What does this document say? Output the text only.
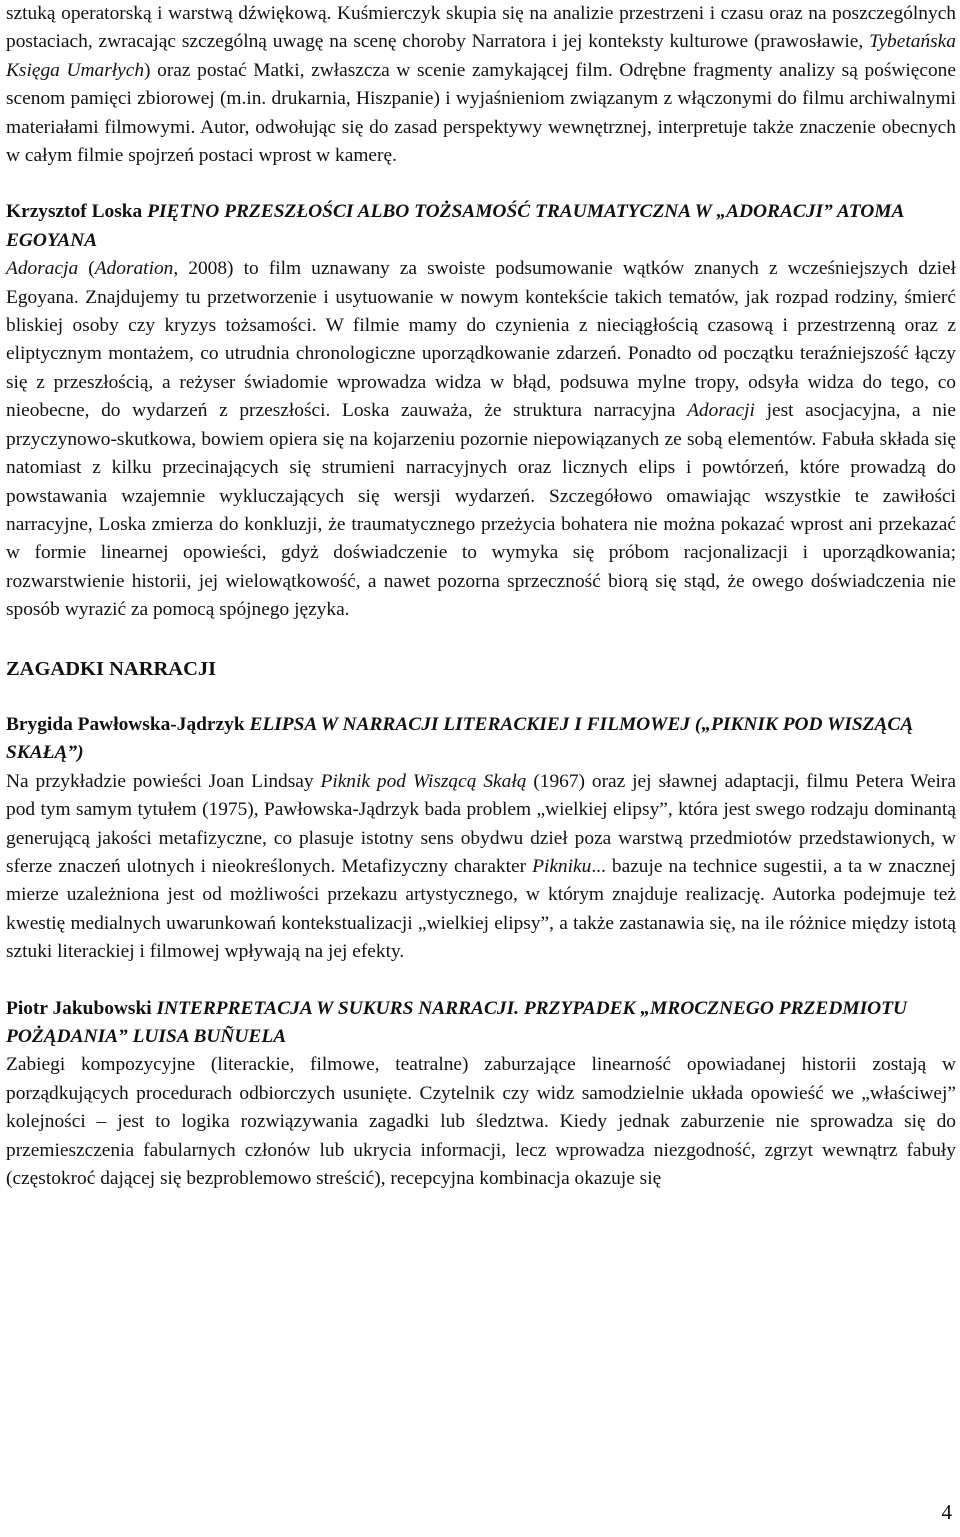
sztuką operatorską i warstwą dźwiękową. Kuśmierczyk skupia się na analizie przestrzeni i czasu oraz na poszczególnych postaciach, zwracając szczególną uwagę na scenę choroby Narratora i jej konteksty kulturowe (prawosławie, Tybetańska Księga Umarłych) oraz postać Matki, zwłaszcza w scenie zamykającej film. Odrębne fragmenty analizy są poświęcone scenom pamięci zbiorowej (m.in. drukarnia, Hiszpanie) i wyjaśnieniom związanym z włączonymi do filmu archiwalnymi materiałami filmowymi. Autor, odwołując się do zasad perspektywy wewnętrznej, interpretuje także znaczenie obecnych w całym filmie spojrzeń postaci wprost w kamerę.

Krzysztof Loska PIĘTNO PRZESZŁOŚCI ALBO TOŻSAMOŚĆ TRAUMATYCZNA W „ADORACJI” ATOMA EGOYANA

Adoracja (Adoration, 2008) to film uznawany za swoiste podsumowanie wątków znanych z wcześniejszych dzieł Egoyana. Znajdujemy tu przetworzenie i usytuowanie w nowym kontekście takich tematów, jak rozpad rodziny, śmierć bliskiej osoby czy kryzys tożsamości. W filmie mamy do czynienia z nieciągłością czasową i przestrzenną oraz z eliptycznym montażem, co utrudnia chronologiczne uporządkowanie zdarzeń. Ponadto od początku teraźniejszość łączy się z przeszłością, a reżyser świadomie wprowadza widza w błąd, podsuwa mylne tropy, odsyła widza do tego, co nieobecne, do wydarzeń z przeszłości. Loska zauważa, że struktura narracyjna Adoracji jest asocjacyjna, a nie przyczynowo-skutkowa, bowiem opiera się na kojarzeniu pozornie niepowiązanych ze sobą elementów. Fabuła składa się natomiast z kilku przecinających się strumieni narracyjnych oraz licznych elips i powtórzeń, które prowadzą do powstawania wzajemnie wykluczających się wersji wydarzeń. Szczegółowo omawiając wszystkie te zawiłości narracyjne, Loska zmierza do konkluzji, że traumatycznego przeżycia bohatera nie można pokazać wprost ani przekazać w formie linearnej opowieści, gdyż doświadczenie to wymyka się próbom racjonalizacji i uporządkowania; rozwarstwienie historii, jej wielowątkowość, a nawet pozorna sprzeczność biorą się stąd, że owego doświadczenia nie sposób wyrazić za pomocą spójnego języka.

ZAGADKI NARRACJI

Brygida Pawłowska-Jądrzyk ELIPSA W NARRACJI LITERACKIEJ I FILMOWEJ („PIKNIK POD WISZĄCĄ SKAŁĄ”)

Na przykładzie powieści Joan Lindsay Piknik pod Wiszącą Skałą (1967) oraz jej sławnej adaptacji, filmu Petera Weira pod tym samym tytułem (1975), Pawłowska-Jądrzyk bada problem „wielkiej elipsy”, która jest swego rodzaju dominantą generującą jakości metafizyczne, co plasuje istotny sens obydwu dzieł poza warstwą przedmiotów przedstawionych, w sferze znaczeń ulotnych i nieokreślonych. Metafizyczny charakter Pikniku... bazuje na technice sugestii, a ta w znacznej mierze uzależniona jest od możliwości przekazu artystycznego, w którym znajduje realizację. Autorka podejmuje też kwestię medialnych uwarunkowań kontekstualizacji „wielkiej elipsy”, a także zastanawia się, na ile różnice między istotą sztuki literackiej i filmowej wpływają na jej efekty.

Piotr Jakubowski INTERPRETACJA W SUKURS NARRACJI. PRZYPADEK „MROCZNEGO PRZEDMIOTU POŻĄDANIA” LUISA BUÑUELA

Zabiegi kompozycyjne (literackie, filmowe, teatralne) zaburzające linearność opowiadanej historii zostają w porządkujących procedurach odbiorczych usunięte. Czytelnik czy widz samodzielnie układa opowieść we „właściwej” kolejności – jest to logika rozwiązywania zagadki lub śledztwa. Kiedy jednak zaburzenie nie sprowadza się do przemieszczenia fabularnych członów lub ukrycia informacji, lecz wprowadza niezgodność, zgrzyt wewnątrz fabuły (częstokroć dającej się bezproblemowo streścić), recepcyjna kombinacja okazuje się

4
